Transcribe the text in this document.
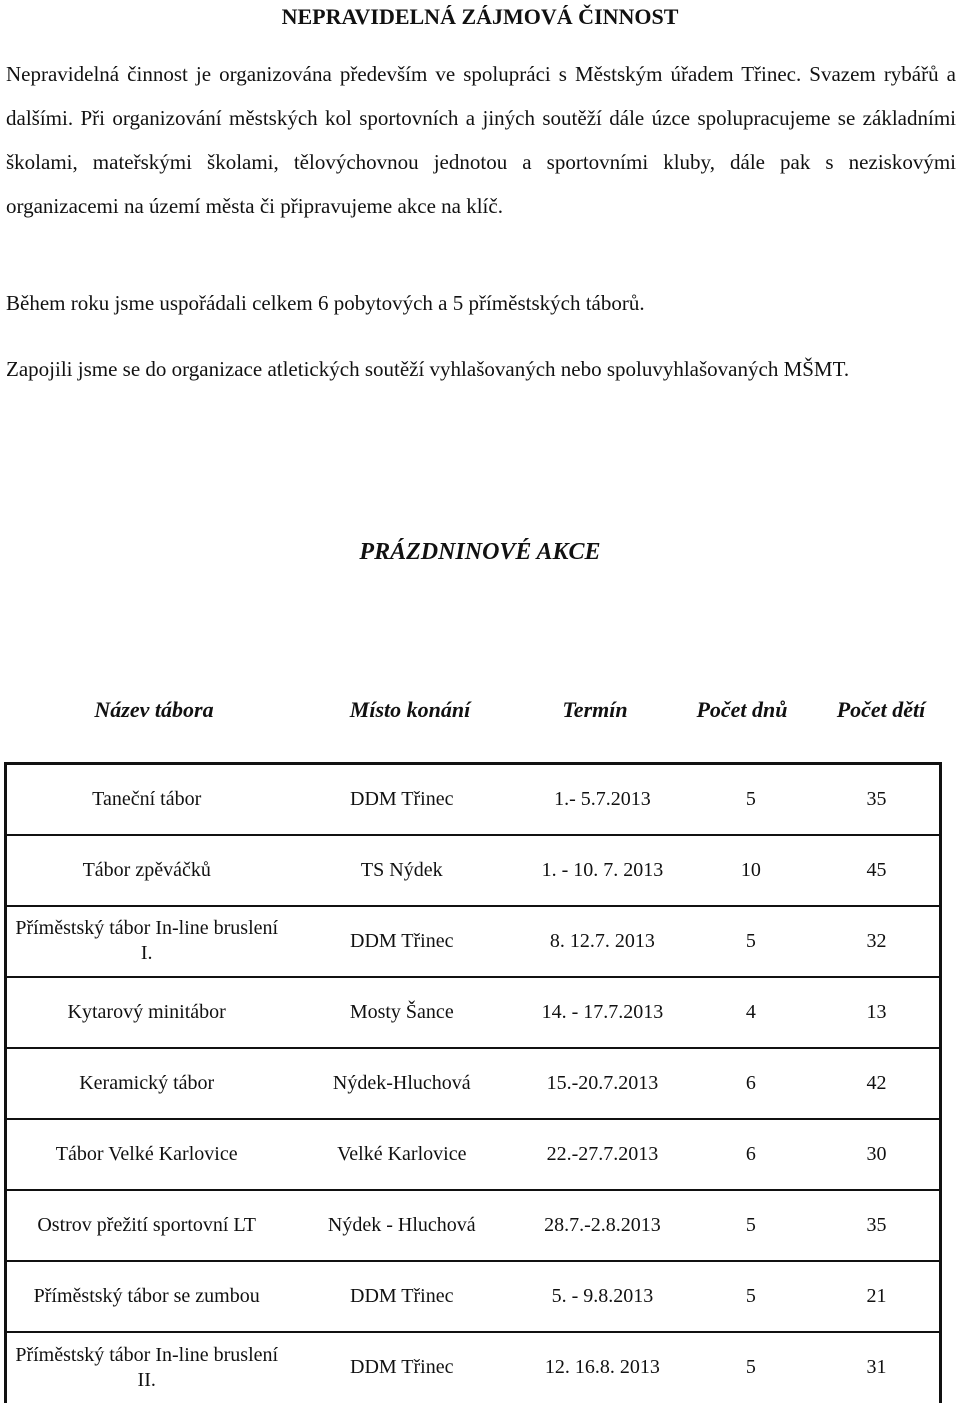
NEPRAVIDELNÁ ZÁJMOVÁ ČINNOST
Nepravidelná činnost je organizována především ve spolupráci s Městským úřadem Třinec. Svazem rybářů a dalšími. Při organizování městských kol sportovních a jiných soutěží dále úzce spolupracujeme se základními školami, mateřskými školami, tělovýchovnou jednotou a sportovními kluby, dále pak s neziskovými organizacemi na území města či připravujeme akce na klíč.
Během roku jsme uspořádali celkem 6 pobytových a 5 příměstských táborů.
Zapojili jsme se do organizace atletických soutěží vyhlašovaných nebo spoluvyhlašovaných MŠMT.
PRÁZDNINOVÉ AKCE
Název tábora	Místo konání	Termín	Počet dnů	Počet dětí
Taneční tábor	DDM Třinec	1.- 5.7.2013	5	35
Tábor zpěváčků	TS Nýdek	1. - 10. 7. 2013	10	45
Příměstský tábor In-line bruslení I.	DDM Třinec	8. 12.7. 2013	5	32
Kytarový minitábor	Mosty Šance	14. - 17.7.2013	4	13
Keramický tábor	Nýdek-Hluchová	15.-20.7.2013	6	42
Tábor Velké Karlovice	Velké Karlovice	22.-27.7.2013	6	30
Ostrov přežití sportovní LT	Nýdek - Hluchová	28.7.-2.8.2013	5	35
Příměstský tábor se zumbou	DDM Třinec	5. - 9.8.2013	5	21
Příměstský tábor In-line bruslení II.	DDM Třinec	12. 16.8. 2013	5	31
